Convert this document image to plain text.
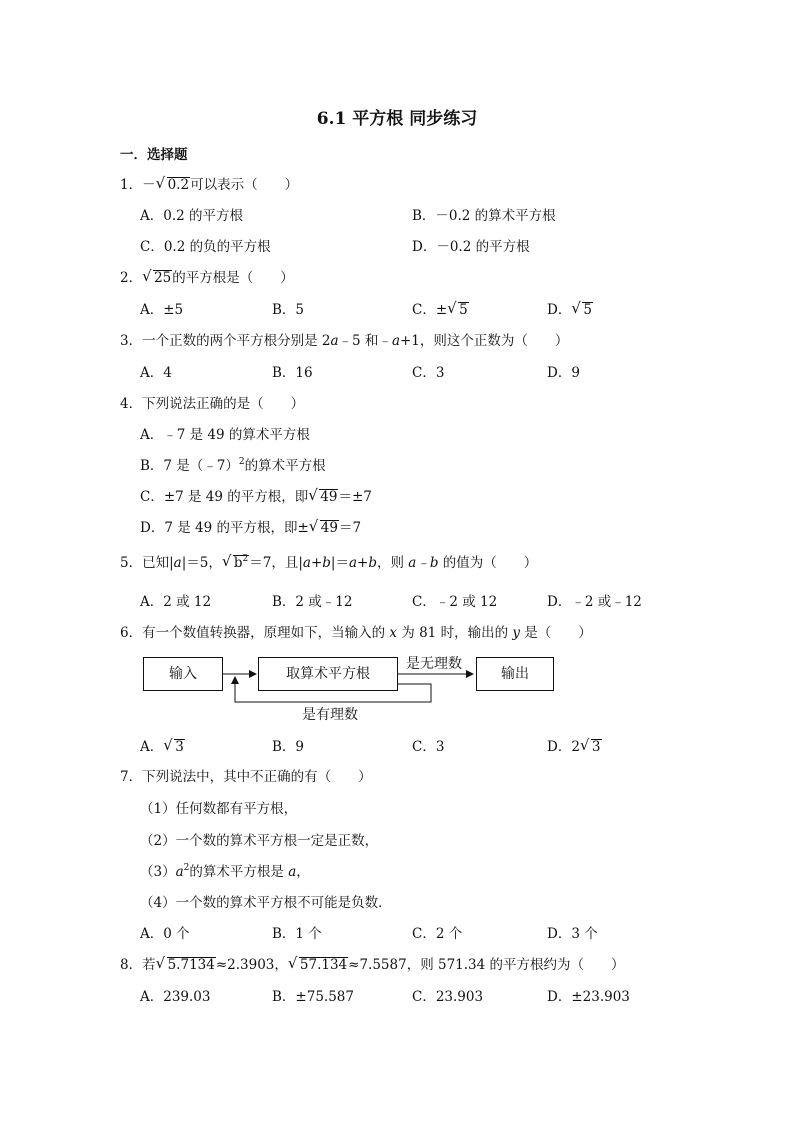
6.1 平方根 同步练习
一．选择题
1．－ √ 0.2可以表示（　　）
A．0.2 的平方根	B．－0.2 的算术平方根
C．0.2 的负的平方根	D．－0.2 的平方根
2． √ 25的平方根是（　　）
A．±5	B．5	C．± √ 5	D． √ 5
3．一个正数的两个平方根分别是 2a﹣5 和﹣a+1，则这个正数为（　　）
A．4	B．16	C．3	D．9
4．下列说法正确的是（　　）
A．﹣7 是 49 的算术平方根
B．7 是（﹣7）$^2$的算术平方根
C．±7 是 49 的平方根，即 √ 49＝±7
D．7 是 49 的平方根，即± √ 49＝7
5．已知|a|＝5， √ $b^2=7$，且|a+b|＝a+b，则 a﹣b 的值为（　　）
A．2 或 12	B．2 或﹣12	C．﹣2 或 12	D．﹣2 或﹣12
6．有一个数值转换器，原理如下，当输入的 x 为 81 时，输出的 y 是（　　）
输入	取算术平方根	输出
是无理数
是有理数
A． √ 3	B．9	C．3	D．2 √ 3
7．下列说法中，其中不正确的有（　　）
（1）任何数都有平方根，
（2）一个数的算术平方根一定是正数，
$(3)a^2$的算术平方根是 a，
（4）一个数的算术平方根不可能是负数．
A．0 个	B．1 个	C．2 个	D．3 个
8．若 √ 5.7134≈2.3903， √ 57.134≈7.5587，则 571.34 的平方根约为（　　）
A．239.03	B．±75.587	C．23.903	D．±23.903
